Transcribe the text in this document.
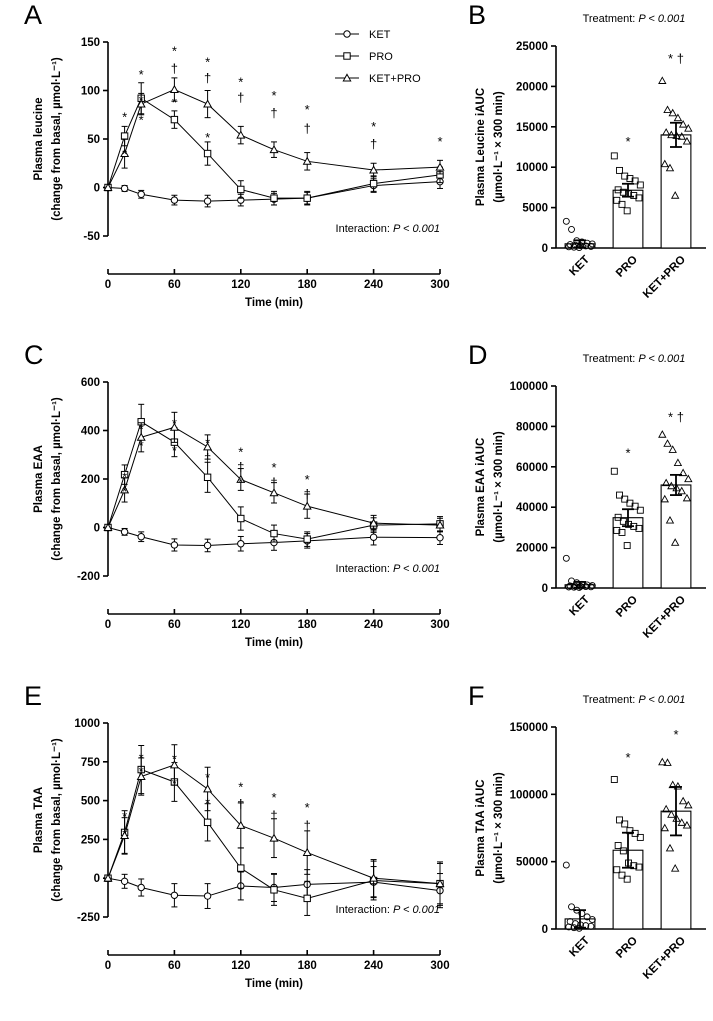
A
-50
0
50
100
150
0	60	120	180	240	300
Time (min)
Plasma leucine (change from basal, µmol·L⁻¹)	*
* *
*
*
*
†
*
*
†
*
†
*
†
*
†
*
†
*
*
Interaction: P < 0.001
KET
PRO
KET+PRO
B	Treatment: P < 0.001
0
5000
10000
15000
20000
25000
Plasma Leucine iAUC (µmol·L⁻¹ × 300 min)	*
* †
KET PRO KET+PRO
C
-200
0
200
400
600
0	60	120	180	240	300
Time (min)
Plasma EAA (change from basal, µmol·L⁻¹)	*
*
*
*
*
*
†
*
*
†
*
†
*
†
*
Interaction: P < 0.001
D	Treatment: P < 0.001
0
20000
40000
60000
80000
100000
Plasma EAA iAUC (µmol·L⁻¹ × 300 min)	*
* †
KET PRO KET+PRO
E
-250
0
250
500
750
1000
0	60	120	180	240	300
Time (min)
Plasma TAA (change from basal, µmol·L⁻¹)	*
*
*
*
*
*
*
*
†
*
†
*
†
*
Interaction: P < 0.001
F	Treatment: P < 0.001
0
50000
100000
150000
Plasma TAA iAUC (µmol·L⁻¹ × 300 min)
*
*
KET PRO KET+PRO
